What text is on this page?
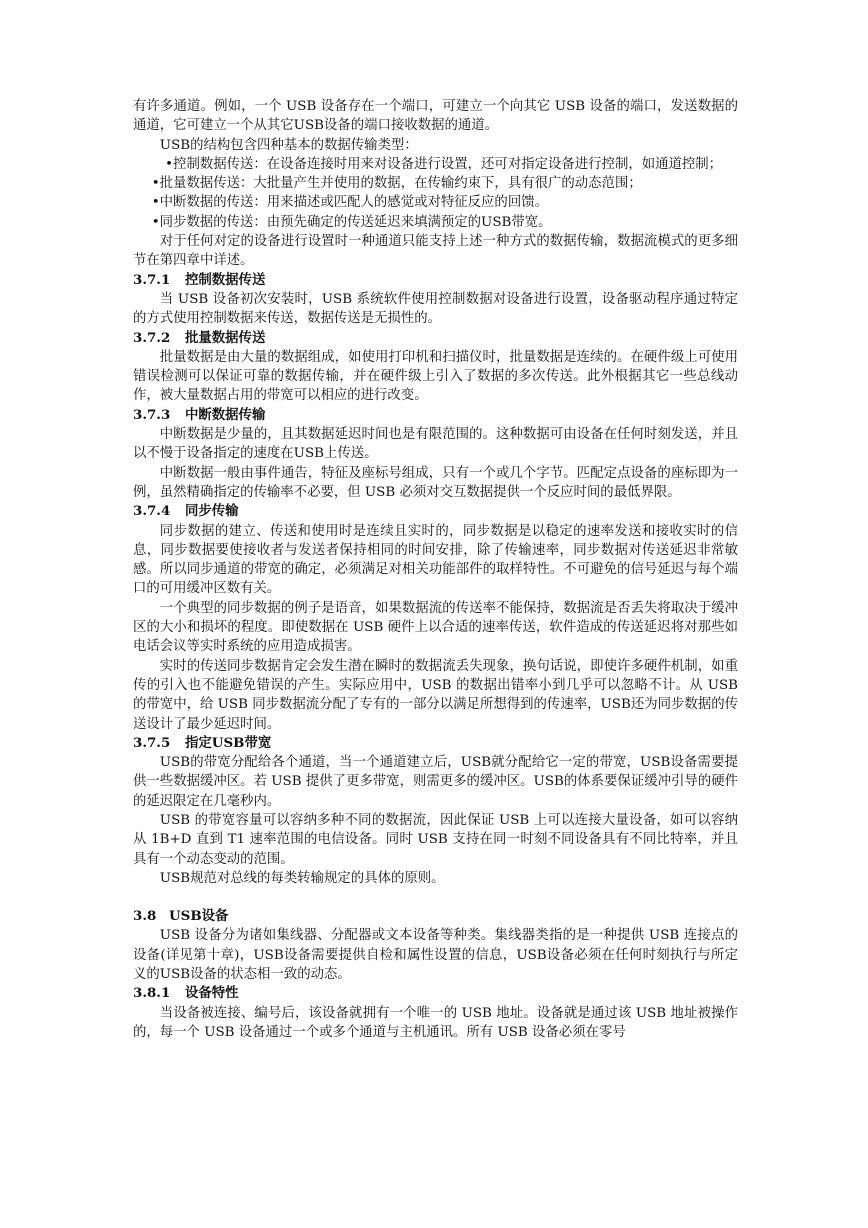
有许多通道。例如，一个 USB 设备存在一个端口，可建立一个向其它 USB 设备的端口，发送数据的通道，它可建立一个从其它USB设备的端口接收数据的通道。

USB的结构包含四种基本的数据传输类型：

•控制数据传送：在设备连接时用来对设备进行设置，还可对指定设备进行控制，如通道控制；

•批量数据传送：大批量产生并使用的数据，在传输约束下，具有很广的动态范围；

•中断数据的传送：用来描述或匹配人的感觉或对特征反应的回馈。

•同步数据的传送：由预先确定的传送延迟来填满预定的USB带宽。

对于任何对定的设备进行设置时一种通道只能支持上述一种方式的数据传输，数据流模式的更多细节在第四章中详述。

3.7.1 控制数据传送

当 USB 设备初次安装时，USB 系统软件使用控制数据对设备进行设置，设备驱动程序通过特定的方式使用控制数据来传送，数据传送是无损性的。

3.7.2 批量数据传送

批量数据是由大量的数据组成，如使用打印机和扫描仪时，批量数据是连续的。在硬件级上可使用错误检测可以保证可靠的数据传输，并在硬件级上引入了数据的多次传送。此外根据其它一些总线动作，被大量数据占用的带宽可以相应的进行改变。

3.7.3 中断数据传输

中断数据是少量的，且其数据延迟时间也是有限范围的。这种数据可由设备在任何时刻发送，并且以不慢于设备指定的速度在USB上传送。

中断数据一般由事件通告，特征及座标号组成，只有一个或几个字节。匹配定点设备的座标即为一例，虽然精确指定的传输率不必要，但 USB 必须对交互数据提供一个反应时间的最低界限。

3.7.4 同步传输

同步数据的建立、传送和使用时是连续且实时的，同步数据是以稳定的速率发送和接收实时的信息，同步数据要使接收者与发送者保持相同的时间安排，除了传输速率，同步数据对传送延迟非常敏感。所以同步通道的带宽的确定，必须满足对相关功能部件的取样特性。不可避免的信号延迟与每个端口的可用缓冲区数有关。

一个典型的同步数据的例子是语音，如果数据流的传送率不能保持，数据流是否丢失将取决于缓冲区的大小和损坏的程度。即使数据在 USB 硬件上以合适的速率传送，软件造成的传送延迟将对那些如电话会议等实时系统的应用造成损害。

实时的传送同步数据肯定会发生潜在瞬时的数据流丢失现象，换句话说，即使许多硬件机制，如重传的引入也不能避免错误的产生。实际应用中，USB 的数据出错率小到几乎可以忽略不计。从 USB 的带宽中，给 USB 同步数据流分配了专有的一部分以满足所想得到的传速率，USB还为同步数据的传送设计了最少延迟时间。

3.7.5 指定USB带宽

USB的带宽分配给各个通道，当一个通道建立后，USB就分配给它一定的带宽，USB设备需要提供一些数据缓冲区。若 USB 提供了更多带宽，则需更多的缓冲区。USB的体系要保证缓冲引导的硬件的延迟限定在几毫秒内。

USB 的带宽容量可以容纳多种不同的数据流，因此保证 USB 上可以连接大量设备，如可以容纳从 1B+D 直到 T1 速率范围的电信设备。同时 USB 支持在同一时刻不同设备具有不同比特率，并且具有一个动态变动的范围。

USB规范对总线的每类转输规定的具体的原则。

3.8 USB设备

USB 设备分为诸如集线器、分配器或文本设备等种类。集线器类指的是一种提供 USB 连接点的设备(详见第十章)，USB设备需要提供自检和属性设置的信息，USB设备必须在任何时刻执行与所定义的USB设备的状态相一致的动态。

3.8.1 设备特性

当设备被连接、编号后，该设备就拥有一个唯一的 USB 地址。设备就是通过该 USB 地址被操作的，每一个 USB 设备通过一个或多个通道与主机通讯。所有 USB 设备必须在零号
